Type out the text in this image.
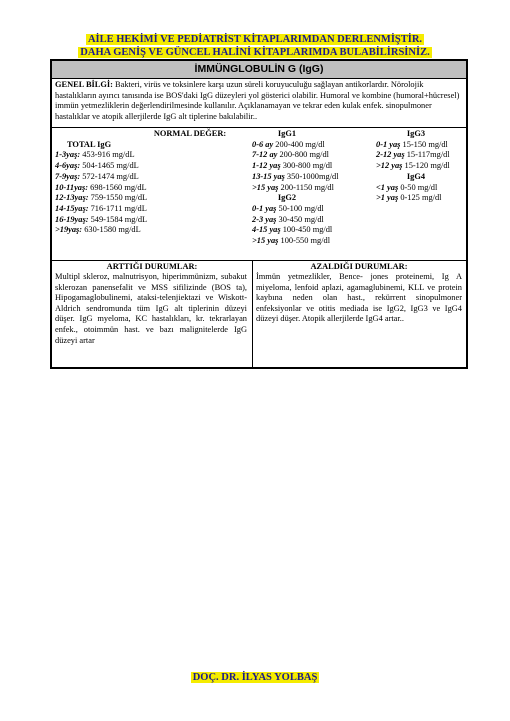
AİLE HEKİMİ VE PEDİATRİST KİTAPLARIMDAN DERLENMİŞTİR.
DAHA GENİŞ VE GÜNCEL HALİNİ KİTAPLARIMDA BULABİLİRSİNİZ.
İMMÜNGLOBULİN G (IgG)
GENEL BİLGİ: Bakteri, virüs ve toksinlere karşı uzun süreli koruyuculuğu sağlayan antikorlardır. Nörolojik hastalıkların ayırıcı tanısında ise BOS'daki IgG düzeyleri yol gösterici olabilir. Humoral ve kombine (humoral+hücresel) immün yetmezliklerin değerlendirilmesinde kullanılır. Açıklanamayan ve tekrar eden kulak enfek. sinopulmoner hastalıklar ve atopik allerjilerde IgG alt tiplerine bakılabilir..
NORMAL DEĞER:
TOTAL IgG
1-3yaş: 453-916 mg/dL
4-6yaş: 504-1465 mg/dL
7-9yaş: 572-1474 mg/dL
10-11yaş: 698-1560 mg/dL
12-13yaş: 759-1550 mg/dL
14-15yaş: 716-1711 mg/dL
16-19yaş: 549-1584 mg/dL
>19yaş: 630-1580 mg/dL
IgG1
0-6 ay 200-400 mg/dl
7-12 ay 200-800 mg/dl
1-12 yaş 300-800 mg/dl
13-15 yaş 350-1000mg/dl
>15 yaş 200-1150 mg/dl
IgG2
0-1 yaş 50-100 mg/dl
2-3 yaş 30-450 mg/dl
4-15 yaş 100-450 mg/dl
>15 yaş 100-550 mg/dl
IgG3
0-1 yaş 15-150 mg/dl
2-12 yaş 15-117mg/dl
>12 yaş 15-120 mg/dl
IgG4
<1 yaş 0-50 mg/dl
>1 yaş 0-125 mg/dl
ARTTIĞI DURUMLAR:
Multipl skleroz, malnutrisyon, hiperimmünizm, subakut sklerozan panensefalit ve MSS sifilizinde (BOS ta), Hipogamaglobulinemi, ataksi-telenjiektazi ve Wiskott-Aldrich sendromunda tüm IgG alt tiplerinin düzeyi düşer. IgG myeloma, KC hastalıkları, kr. tekrarlayan enfek., otoimmün hast. ve bazı malignitelerde IgG düzeyi artar
AZALDIĞI DURUMLAR:
İmmün yetmezlikler, Bence- jones proteinemi, Ig A miyeloma, lenfoid aplazi, agamaglubinemi, KLL ve protein kaybına neden olan hast., rekürrent sinopulmoner enfeksiyonlar ve otitis mediada ise IgG2, IgG3 ve IgG4 düzeyi düşer. Atopik allerjilerde IgG4 artar..
DOÇ. DR. İLYAS YOLBAŞ
